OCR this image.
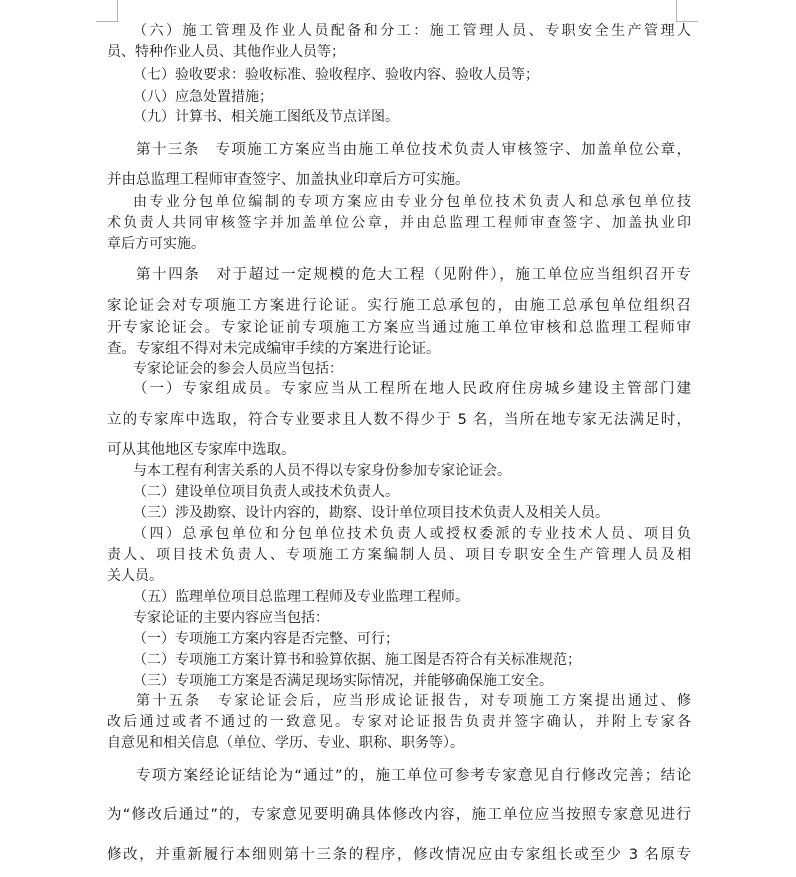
（六）施工管理及作业人员配备和分工：施工管理人员、专职安全生产管理人
员、特种作业人员、其他作业人员等；
（七）验收要求：验收标准、验收程序、验收内容、验收人员等；
（八）应急处置措施；
（九）计算书、相关施工图纸及节点详图。
第十三条　专项施工方案应当由施工单位技术负责人审核签字、加盖单位公章，
并由总监理工程师审查签字、加盖执业印章后方可实施。
由专业分包单位编制的专项方案应由专业分包单位技术负责人和总承包单位技
术负责人共同审核签字并加盖单位公章，并由总监理工程师审查签字、加盖执业印
章后方可实施。
第十四条　对于超过一定规模的危大工程（见附件），施工单位应当组织召开专
家论证会对专项施工方案进行论证。实行施工总承包的，由施工总承包单位组织召
开专家论证会。专家论证前专项施工方案应当通过施工单位审核和总监理工程师审
查。专家组不得对未完成编审手续的方案进行论证。
专家论证会的参会人员应当包括：
（一）专家组成员。专家应当从工程所在地人民政府住房城乡建设主管部门建
立的专家库中选取，符合专业要求且人数不得少于 5 名，当所在地专家无法满足时，
可从其他地区专家库中选取。
与本工程有利害关系的人员不得以专家身份参加专家论证会。
（二）建设单位项目负责人或技术负责人。
（三）涉及勘察、设计内容的，勘察、设计单位项目技术负责人及相关人员。
（四）总承包单位和分包单位技术负责人或授权委派的专业技术人员、项目负
责人、项目技术负责人、专项施工方案编制人员、项目专职安全生产管理人员及相
关人员。
（五）监理单位项目总监理工程师及专业监理工程师。
专家论证的主要内容应当包括：
（一）专项施工方案内容是否完整、可行；
（二）专项施工方案计算书和验算依据、施工图是否符合有关标准规范；
（三）专项施工方案是否满足现场实际情况，并能够确保施工安全。
第十五条　专家论证会后，应当形成论证报告，对专项施工方案提出通过、修
改后通过或者不通过的一致意见。专家对论证报告负责并签字确认，并附上专家各
自意见和相关信息（单位、学历、专业、职称、职务等）。
专项方案经论证结论为“通过”的，施工单位可参考专家意见自行修改完善；结论
为“修改后通过”的，专家意见要明确具体修改内容，施工单位应当按照专家意见进行
修改，并重新履行本细则第十三条的程序，修改情况应由专家组长或至少 3 名原专
